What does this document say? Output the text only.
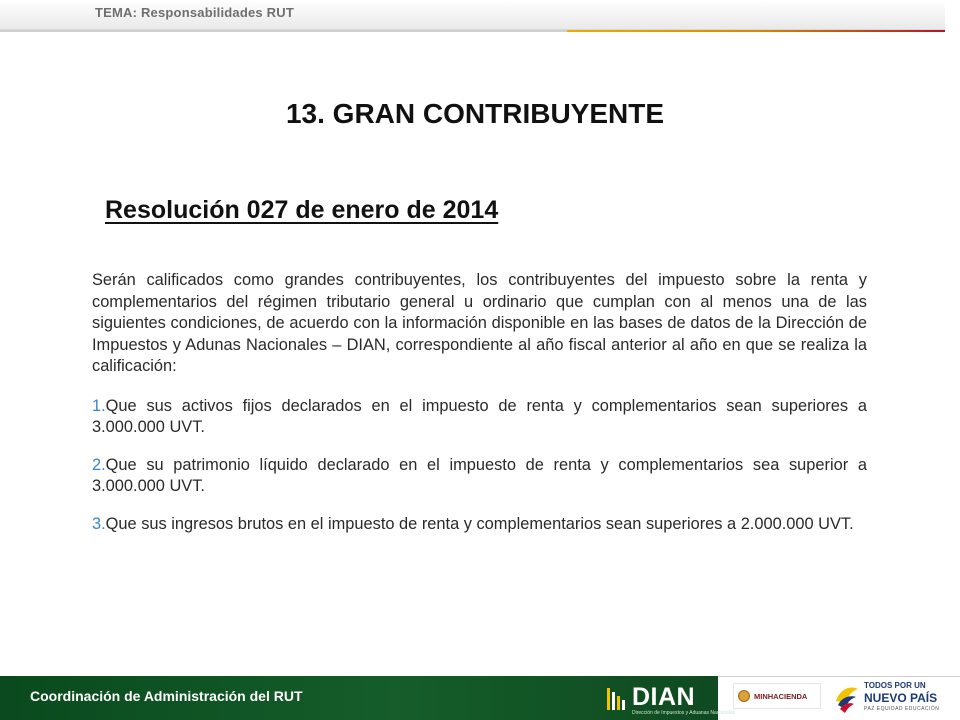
TEMA: Responsabilidades RUT
13. GRAN CONTRIBUYENTE
Resolución 027 de enero de 2014

Serán calificados como grandes contribuyentes, los contribuyentes del impuesto sobre la renta y complementarios del régimen tributario general u ordinario que cumplan con al menos una de las siguientes condiciones, de acuerdo con la información disponible en las bases de datos de la Dirección de Impuestos y Adunas Nacionales – DIAN, correspondiente al año fiscal anterior al año en que se realiza la calificación:

1.Que sus activos fijos declarados en el impuesto de renta y complementarios sean superiores a 3.000.000 UVT.
2.Que su patrimonio líquido declarado en el impuesto de renta y complementarios sea superior a 3.000.000 UVT.
3.Que sus ingresos brutos en el impuesto de renta y complementarios sean superiores a 2.000.000 UVT.
Coordinación de Administración del RUT	DIAN
Dirección de Impuestos y Aduanas Nacionales
MINHACIENDA
TODOS POR UN
NUEVO PAÍS
PAZ EQUIDAD EDUCACIÓN
